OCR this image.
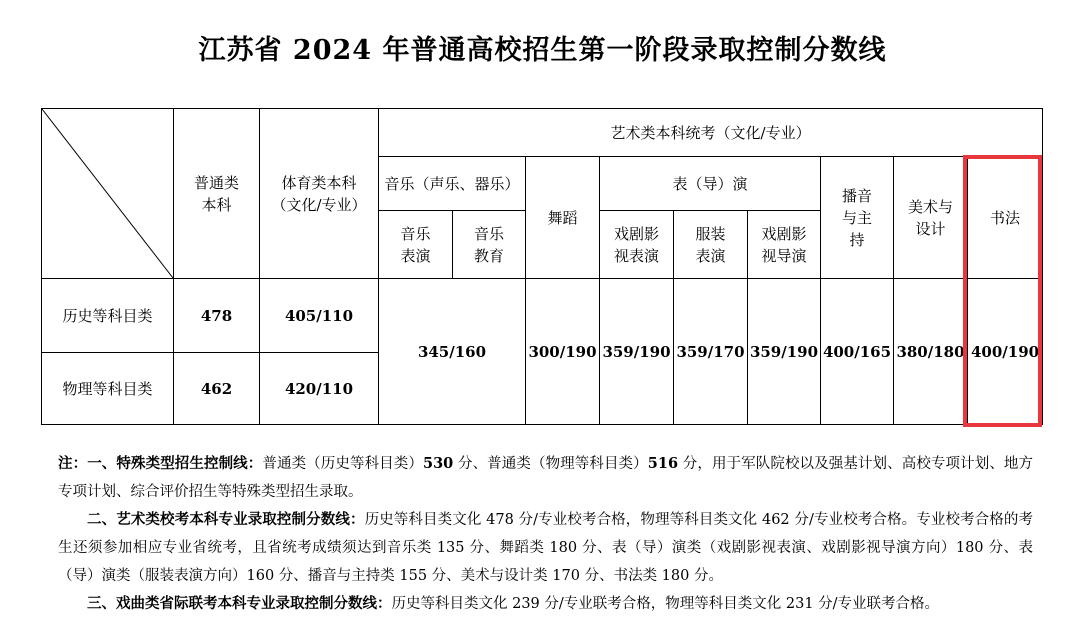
江苏省 2024 年普通高校招生第一阶段录取控制分数线
	普通类本科	体育类本科（文化/专业）	艺术类本科统考（文化/专业）								
			音乐（声乐、器乐）		舞蹈	表（导）演			播音与主持	美术与设计	书法
			音乐表演	音乐教育		戏剧影视表演	服装表演	戏剧影视导演			
历史等科目类	478	405/110	345/160		300/190	359/190	359/170	359/190	400/165	380/180	400/190
物理等科目类	462	420/110									

注：一、特殊类型招生控制线：普通类（历史等科目类）530 分、普通类（物理等科目类）516 分，用于军队院校以及强基计划、高校专项计划、地方专项计划、综合评价招生等特殊类型招生录取。

二、艺术类校考本科专业录取控制分数线：历史等科目类文化 478 分/专业校考合格，物理等科目类文化 462 分/专业校考合格。专业校考合格的考生还须参加相应专业省统考，且省统考成绩须达到音乐类 135 分、舞蹈类 180 分、表（导）演类（戏剧影视表演、戏剧影视导演方向）180 分、表（导）演类（服装表演方向）160 分、播音与主持类 155 分、美术与设计类 170 分、书法类 180 分。

三、戏曲类省际联考本科专业录取控制分数线：历史等科目类文化 239 分/专业联考合格，物理等科目类文化 231 分/专业联考合格。
